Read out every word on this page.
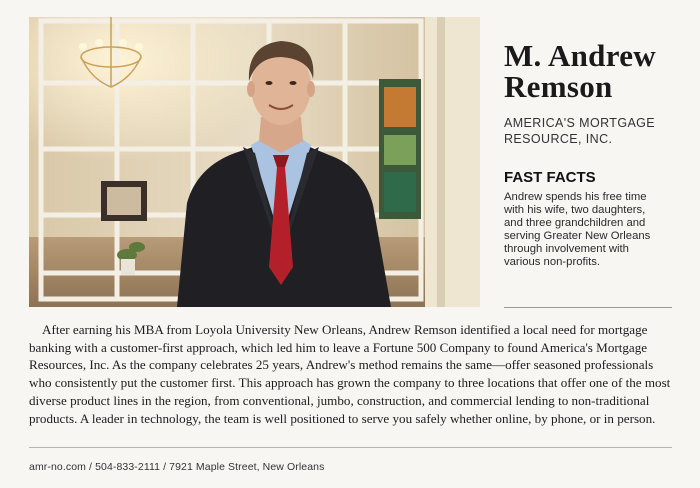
M. Andrew Remson
AMERICA'S MORTGAGE RESOURCE, INC.
FAST FACTS
Andrew spends his free time with his wife, two daughters, and three grandchildren and serving Greater New Orleans through involvement with various non-profits.

After earning his MBA from Loyola University New Orleans, Andrew Remson identified a local need for mortgage banking with a customer-first approach, which led him to leave a Fortune 500 Company to found America's Mortgage Resources, Inc. As the company celebrates 25 years, Andrew's method remains the same—offer seasoned professionals who consistently put the customer first. This approach has grown the company to three locations that offer one of the most diverse product lines in the region, from conventional, jumbo, construction, and commercial lending to non-traditional products. A leader in technology, the team is well positioned to serve you safely whether online, by phone, or in person.

amr-no.com / 504-833-2111 / 7921 Maple Street, New Orleans
